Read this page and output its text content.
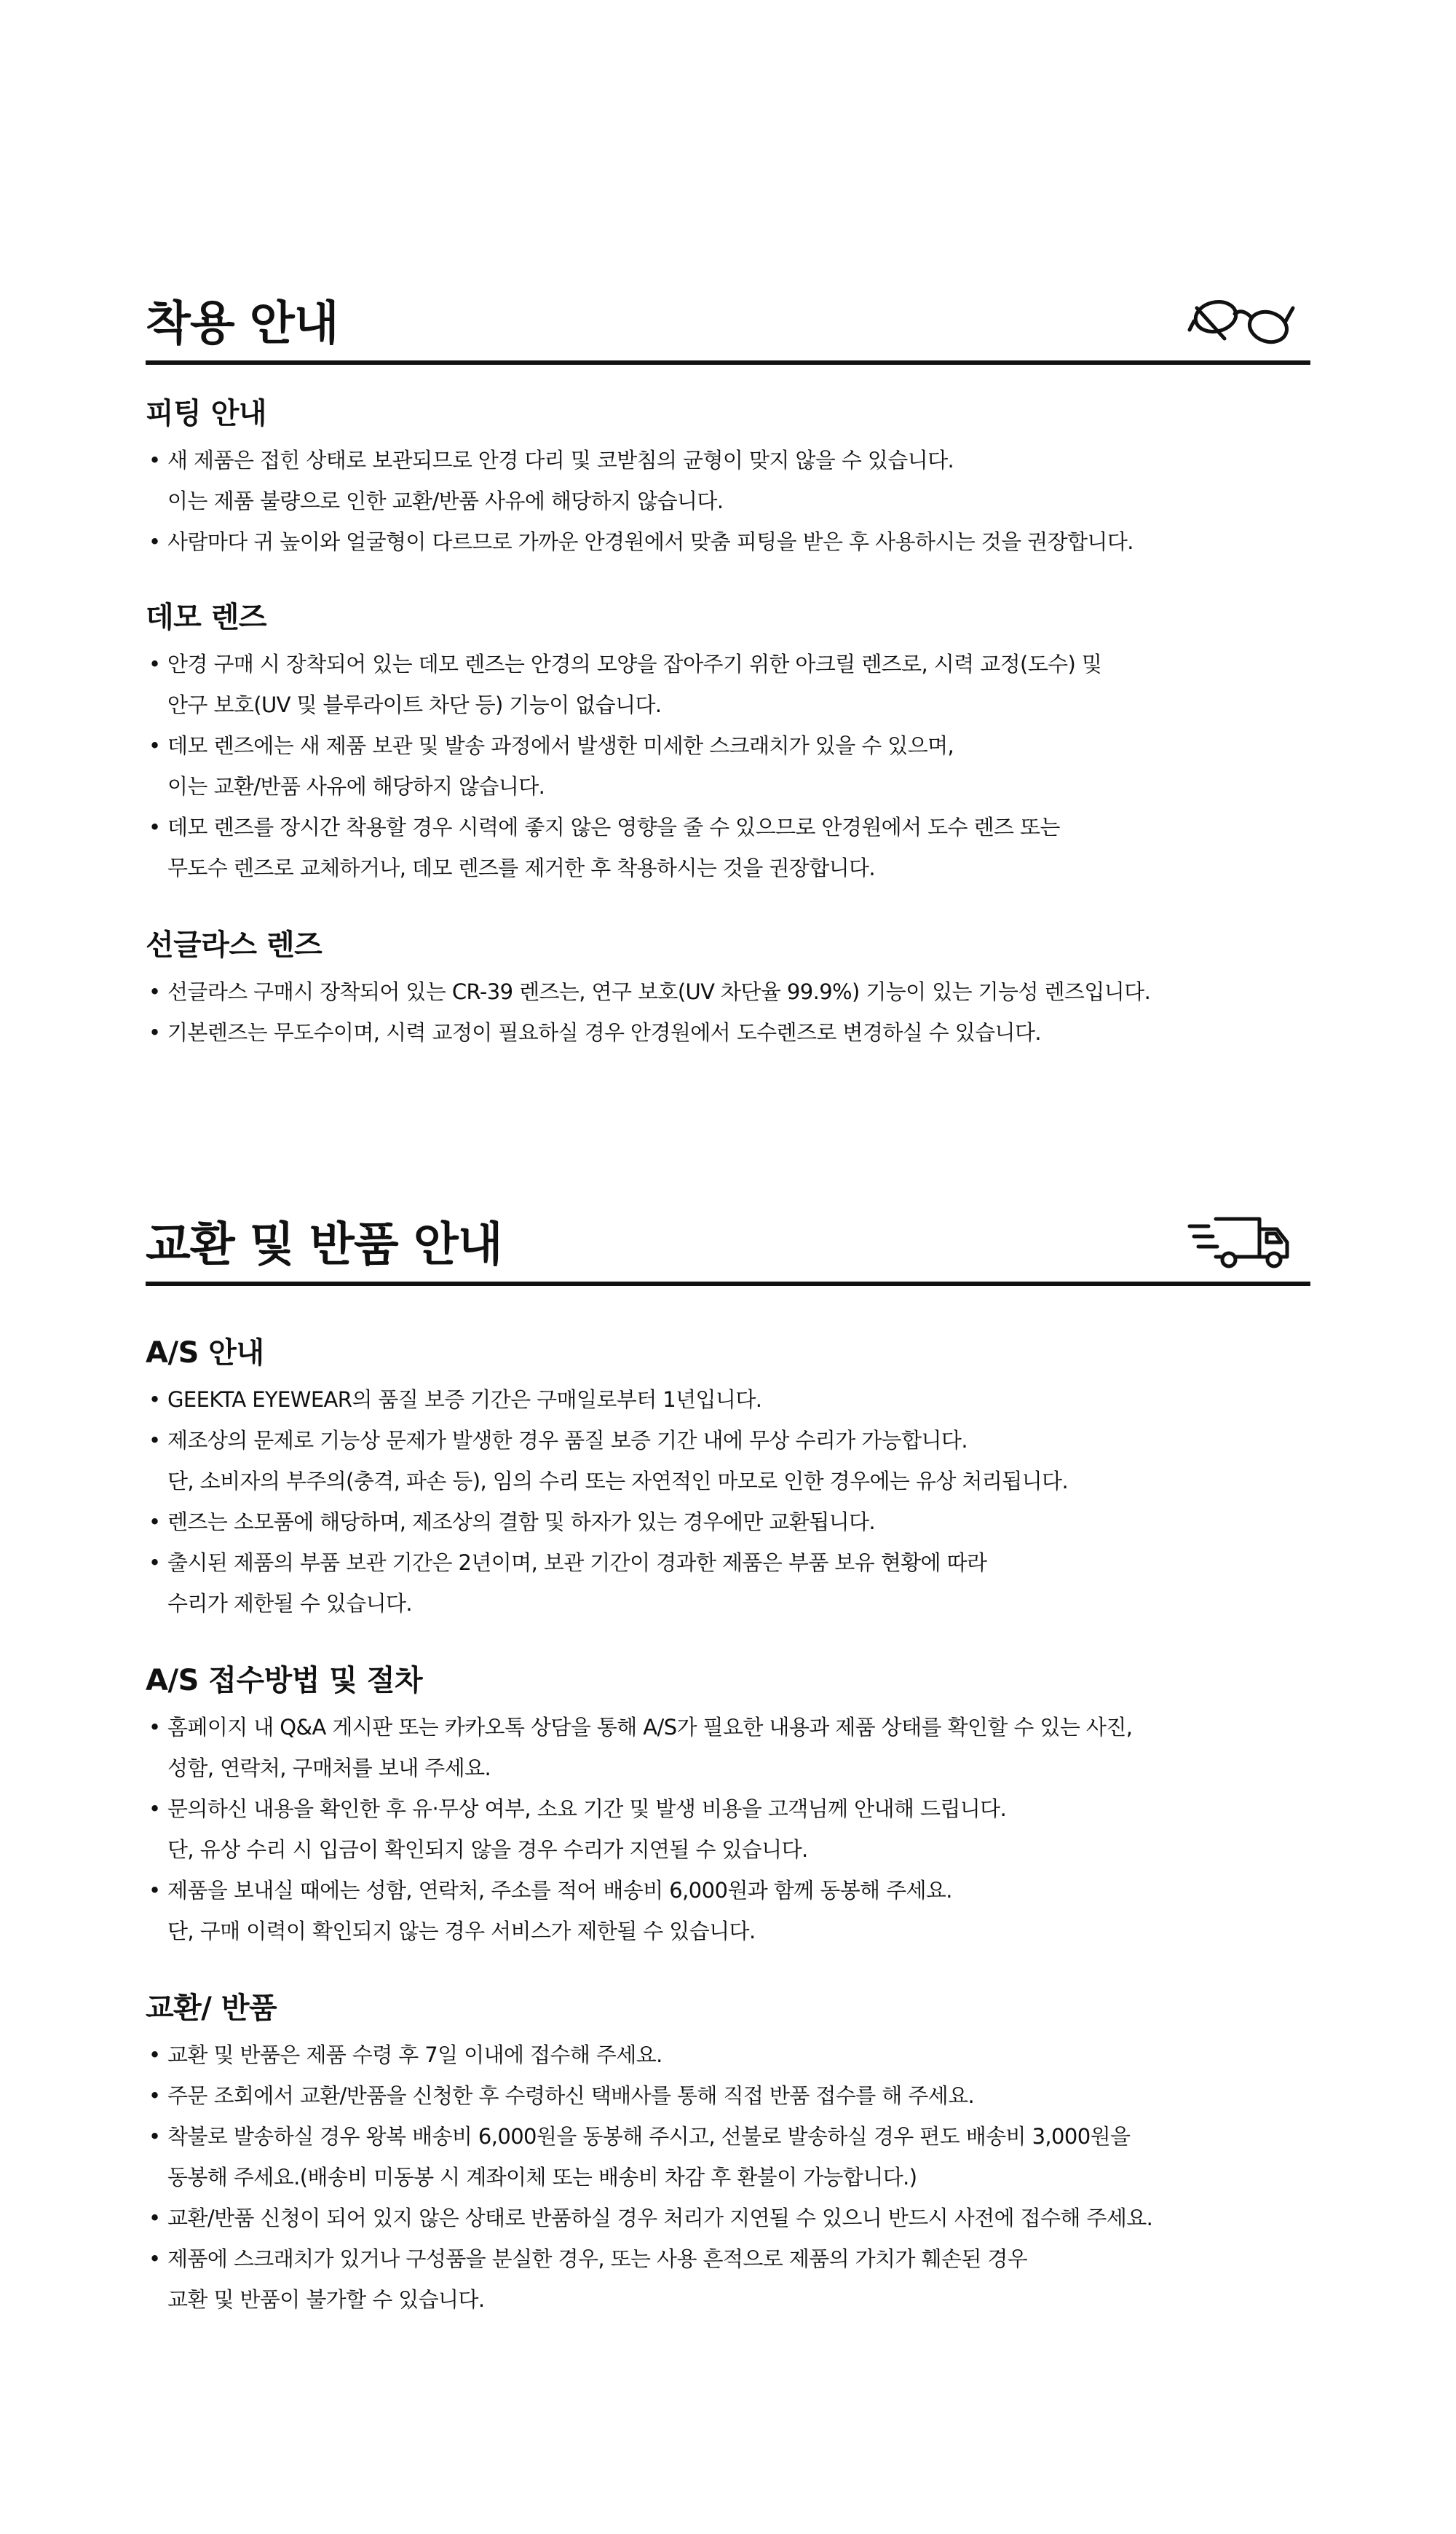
착용 안내
피팅 안내
• 새 제품은 접힌 상태로 보관되므로 안경 다리 및 코받침의 균형이 맞지 않을 수 있습니다.
이는 제품 불량으로 인한 교환/반품 사유에 해당하지 않습니다.
• 사람마다 귀 높이와 얼굴형이 다르므로 가까운 안경원에서 맞춤 피팅을 받은 후 사용하시는 것을 권장합니다.
데모 렌즈
• 안경 구매 시 장착되어 있는 데모 렌즈는 안경의 모양을 잡아주기 위한 아크릴 렌즈로, 시력 교정(도수) 및
안구 보호(UV 및 블루라이트 차단 등) 기능이 없습니다.
• 데모 렌즈에는 새 제품 보관 및 발송 과정에서 발생한 미세한 스크래치가 있을 수 있으며,
이는 교환/반품 사유에 해당하지 않습니다.
• 데모 렌즈를 장시간 착용할 경우 시력에 좋지 않은 영향을 줄 수 있으므로 안경원에서 도수 렌즈 또는
무도수 렌즈로 교체하거나, 데모 렌즈를 제거한 후 착용하시는 것을 권장합니다.
선글라스 렌즈
• 선글라스 구매시 장착되어 있는 CR-39 렌즈는, 연구 보호(UV 차단율 99.9%) 기능이 있는 기능성 렌즈입니다.
• 기본렌즈는 무도수이며, 시력 교정이 필요하실 경우 안경원에서 도수렌즈로 변경하실 수 있습니다.
교환 및 반품 안내
A/S 안내
• GEEKTA EYEWEAR의 품질 보증 기간은 구매일로부터 1년입니다.
• 제조상의 문제로 기능상 문제가 발생한 경우 품질 보증 기간 내에 무상 수리가 가능합니다.
단, 소비자의 부주의(충격, 파손 등), 임의 수리 또는 자연적인 마모로 인한 경우에는 유상 처리됩니다.
• 렌즈는 소모품에 해당하며, 제조상의 결함 및 하자가 있는 경우에만 교환됩니다.
• 출시된 제품의 부품 보관 기간은 2년이며, 보관 기간이 경과한 제품은 부품 보유 현황에 따라
수리가 제한될 수 있습니다.
A/S 접수방법 및 절차
• 홈페이지 내 Q&A 게시판 또는 카카오톡 상담을 통해 A/S가 필요한 내용과 제품 상태를 확인할 수 있는 사진,
성함, 연락처, 구매처를 보내 주세요.
• 문의하신 내용을 확인한 후 유·무상 여부, 소요 기간 및 발생 비용을 고객님께 안내해 드립니다.
단, 유상 수리 시 입금이 확인되지 않을 경우 수리가 지연될 수 있습니다.
• 제품을 보내실 때에는 성함, 연락처, 주소를 적어 배송비 6,000원과 함께 동봉해 주세요.
단, 구매 이력이 확인되지 않는 경우 서비스가 제한될 수 있습니다.
교환/ 반품
• 교환 및 반품은 제품 수령 후 7일 이내에 접수해 주세요.
• 주문 조회에서 교환/반품을 신청한 후 수령하신 택배사를 통해 직접 반품 접수를 해 주세요.
• 착불로 발송하실 경우 왕복 배송비 6,000원을 동봉해 주시고, 선불로 발송하실 경우 편도 배송비 3,000원을
동봉해 주세요.(배송비 미동봉 시 계좌이체 또는 배송비 차감 후 환불이 가능합니다.)
• 교환/반품 신청이 되어 있지 않은 상태로 반품하실 경우 처리가 지연될 수 있으니 반드시 사전에 접수해 주세요.
• 제품에 스크래치가 있거나 구성품을 분실한 경우, 또는 사용 흔적으로 제품의 가치가 훼손된 경우
교환 및 반품이 불가할 수 있습니다.
